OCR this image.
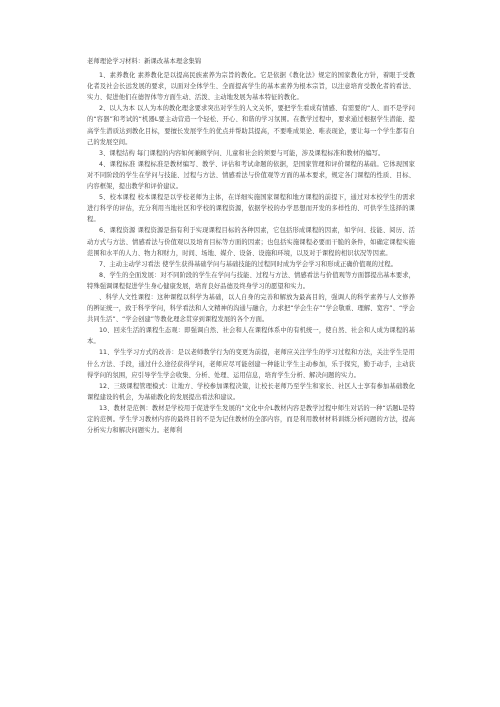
老师理论学习材料：新课改基本理念集锦

1、素养教化 素养教化是以提高民族素养为宗旨的教化。它是依据《教化法》规定的国家教化方针，着眼于受教化者及社会长远发展的要求，以面对全体学生、全面提高学生的基本素养为根本宗旨，以注意培育受教化者的看法、实力、促进他们在德智体等方面生动、活泼、主动地发展为基本特征的教化。

2、以人为本 以人为本的教化理念要求突出对学生的人文关怀，要把学生看成有情感、有需要的“人、而不是学问的“容器”和考试的“机器L要主动营造一个轻松、开心、和谐的学习氛围。在教学过程中，要求通过根据学生潜能、提高学生潜质达到教化目标，要擅长发展学生的优点并帮助其提高，不要唯成果论、唯表现论，要让每一个学生都有自己的发展空间。

3、课程结构 每门课程的内容如何兼顾学问、儿童和社会的须要与可能，涉及课程标准和教材的编写。

4、课程标准 课程标准是教材编写、教学、评估和考试命题的依据，是国家管理和评价课程的基础。它体现国家对不同阶段的学生在学问与技能、过程与方法、情感看法与价值观等方面的基本要求，规定各门课程的性质、目标、内容框架，提出教学和评价建议。

5、校本课程 校本课程是以学校老师为主体，在详细实施国家课程和地方课程的前提下，通过对本校学生的需求进行科学的评估，充分利用当地社区和学校的课程资源，依据学校的办学思想而开发的多样性的、可供学生选择的课程。

6、课程资源 课程资源是指有利于实现课程目标的各种因素，它包括形成课程的因素，如学问、技能、阅历、活动方式与方法、情感看法与价值观以及培育目标等方面的因素；也包括实施课程必要而干脆的条件，如确定课程实施范围和水平的人力、物力和财力，时间、场地、媒介、设备、设施和环境，以及对于课程的相识状况等因素。

7、主动主动学习看法 使学生获得基础学问与基础技能的过程同时成为学会学习和形成正确价值观的过程。

8、学生的全面发展：对不同阶段的学生在学问与技能、过程与方法、情感看法与价值观等方面都提出基本要求，特殊强调课程促进学生身心健康发展，培育良好品德及终身学习的愿望和实力。

、科学人文性课程：这种课程以科学为基础，以人自身的完善和解放为最高目的，强调人的科学素养与人文修养的辨证统一，致于科学学问，科学看法和人文精神的沟通与融合，力求把“学会生存”“学会敬重、理解、宽容”、“学会共同生活”、“学会创建”等教化理念贯穿到课程发展的各个方面。

10、回来生活的课程生态观：即强调自然、社会和人在课程体系中的有机统一，使自然、社会和人成为课程的基本。

11、学生学习方式的改善：是以老师教学行为的变更为前提，老师应关注学生的学习过程和方法，关注学生是用什么方法、手段，通过什么途径获得学问，老师应尽可能创建一种能让学生主动参加，乐于探究，勤于动手，主动获得学问的氛围，应引导学生学会收集、分析、处理、运用信息，培育学生分析、解决问题的实力。

12、三级课程管理模式：让地方、学校参加课程决策，让校长老师乃至学生和家长、社区人士享有参加基础教化课程建设的机会，为基础教化的发展提出看法和建议。

13、教材是范例：教材是学校用于促进学生发展的“文化中介L教材内容是教学过程中师生对话的一种“话题L是特定的范例。学生学习教材内容的最终目的不是为记住教材的全部内容，而是利用教材材料训练分析问题的方法，提高分析实力和解决问题实力。老师利
